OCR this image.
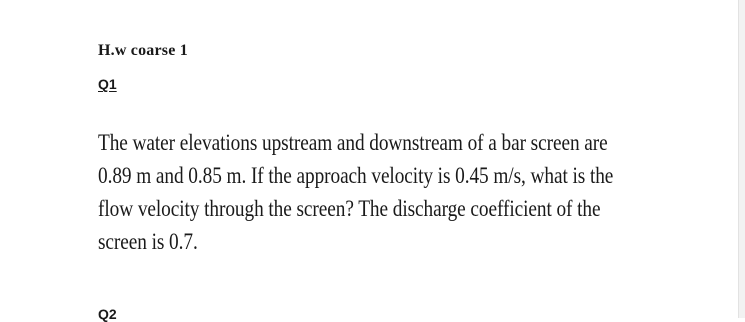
H.w coarse 1

Q1

The water elevations upstream and downstream of a bar screen are 0.89 m and 0.85 m. If the approach velocity is 0.45 m/s, what is the flow velocity through the screen? The discharge coefficient of the screen is 0.7.

Q2
